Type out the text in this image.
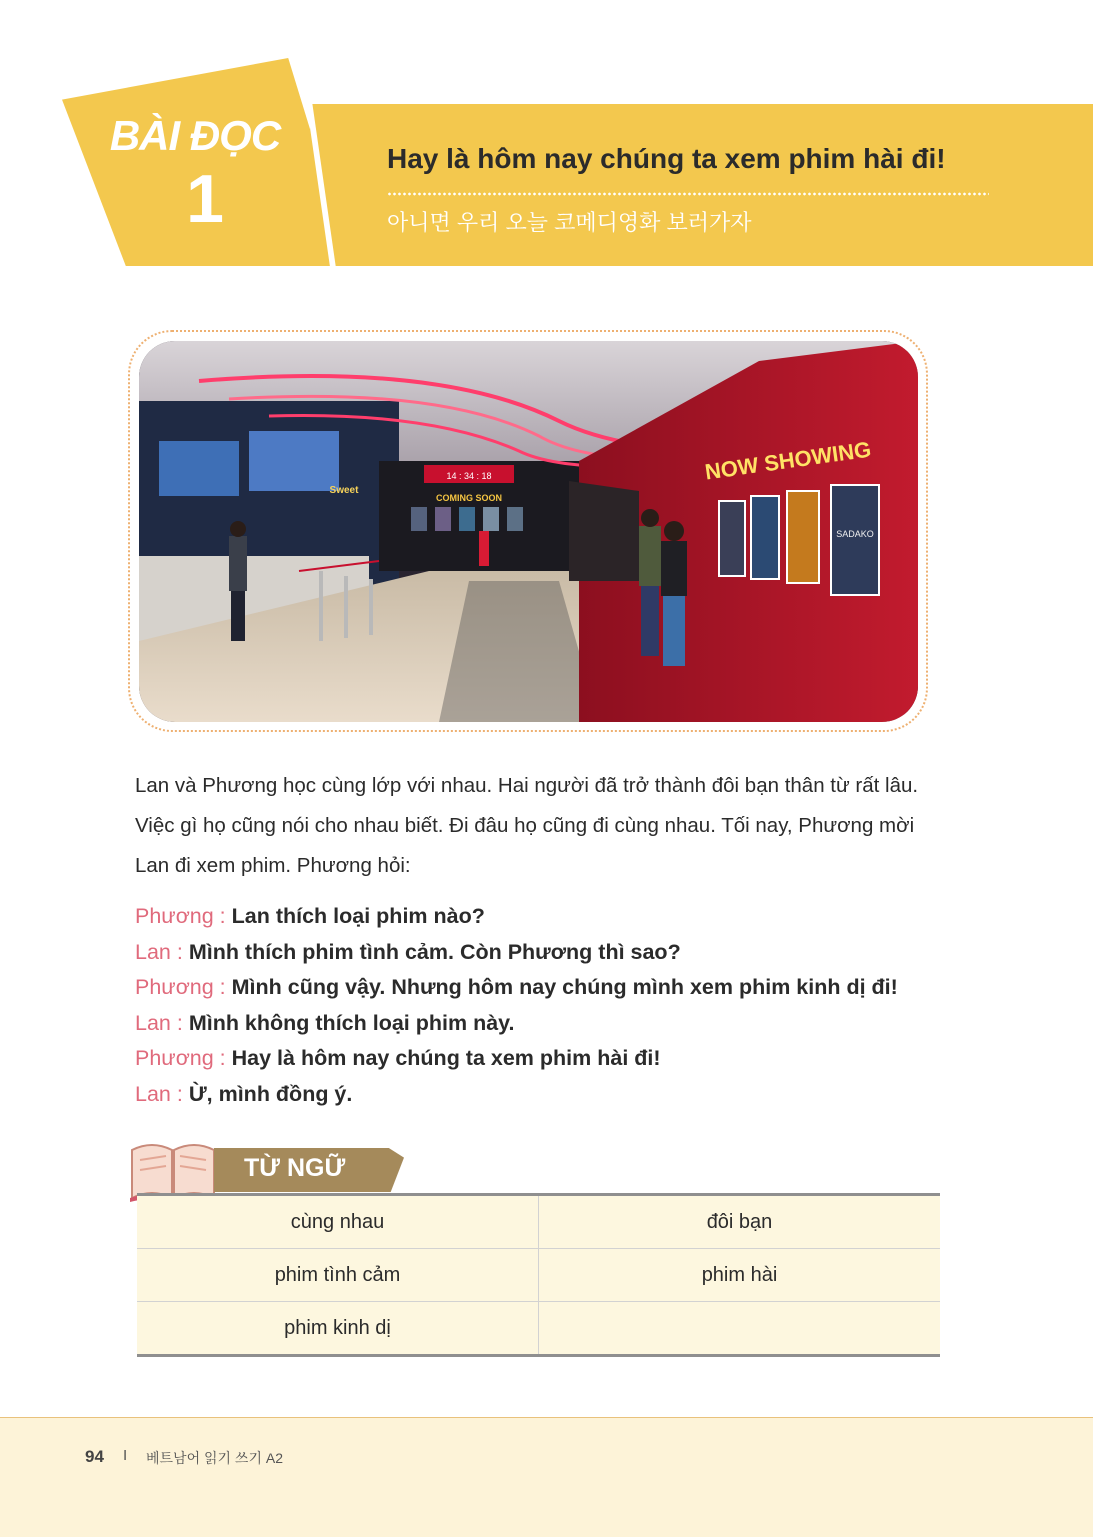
BÀI ĐỌC
1
Hay là hôm nay chúng ta xem phim hài đi!
아니면 우리 오늘 코메디영화 보러가자
14 : 34 : 18
COMING SOON
Sweet
NOW SHOWING
SADAKO
Lan và Phương học cùng lớp với nhau. Hai người đã trở thành đôi bạn thân từ rất lâu.
Việc gì họ cũng nói cho nhau biết. Đi đâu họ cũng đi cùng nhau. Tối nay, Phương mời
Lan đi xem phim. Phương hỏi:
Phương : Lan thích loại phim nào?
Lan : Mình thích phim tình cảm. Còn Phương thì sao?
Phương : Mình cũng vậy. Nhưng hôm nay chúng mình xem phim kinh dị đi!
Lan : Mình không thích loại phim này.
Phương : Hay là hôm nay chúng ta xem phim hài đi!
Lan : Ừ, mình đồng ý.
TỪ NGỮ
cùng nhau	đôi bạn
phim tình cảm	phim hài
phim kinh dị	
94 I 베트남어 읽기 쓰기 A2
